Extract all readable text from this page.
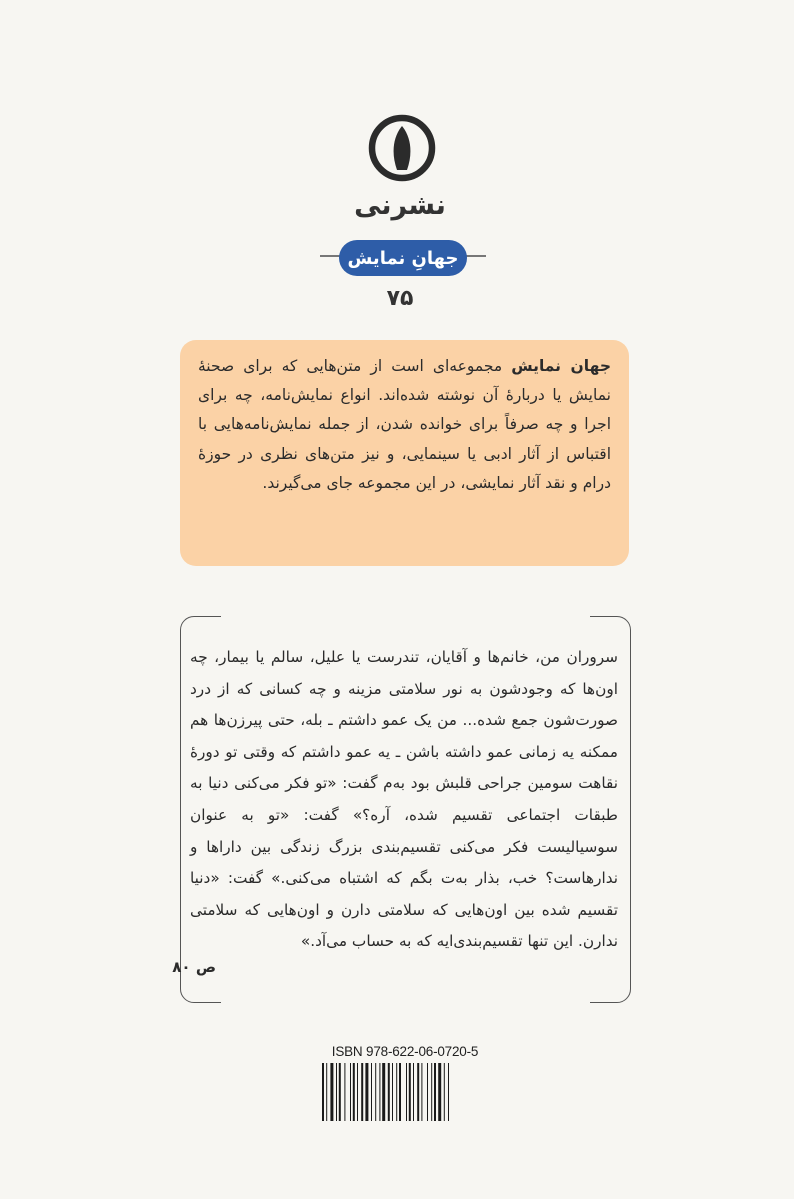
نشرنی
جهانِ نمایش
۷۵

جهان نمایش مجموعه‌ای است از متن‌هایی که برای صحنهٔ نمایش یا دربارهٔ آن نوشته شده‌اند. انواع نمایش‌نامه، چه برای اجرا و چه صرفاً برای خوانده شدن، از جمله نمایش‌نامه‌هایی با اقتباس از آثار ادبی یا سینمایی، و نیز متن‌های نظری در حوزهٔ درام و نقد آثار نمایشی، در این مجموعه جای می‌گیرند.

سروران من، خانم‌ها و آقایان، تندرست یا علیل، سالم یا بیمار، چه اون‌ها که وجودشون به نور سلامتی مزینه و چه کسانی که از درد صورت‌شون جمع شده... من یک عمو داشتم ـ بله، حتی پیرزن‌ها هم ممکنه یه زمانی عمو داشته باشن ـ یه عمو داشتم که وقتی تو دورهٔ نقاهت سومین جراحی قلبش بود به‌م گفت: «تو فکر می‌کنی دنیا به طبقات اجتماعی تقسیم شده، آره؟» گفت: «تو به عنوان سوسیالیست فکر می‌کنی تقسیم‌بندی بزرگ زندگی بین داراها و ندارهاست؟ خب، بذار به‌ت بگم که اشتباه می‌کنی.» گفت: «دنیا تقسیم شده بین اون‌هایی که سلامتی دارن و اون‌هایی که سلامتی ندارن. این تنها تقسیم‌بندی‌ایه که به حساب می‌آد.»

ص ۸۰
ISBN 978-622-06-0720-5
